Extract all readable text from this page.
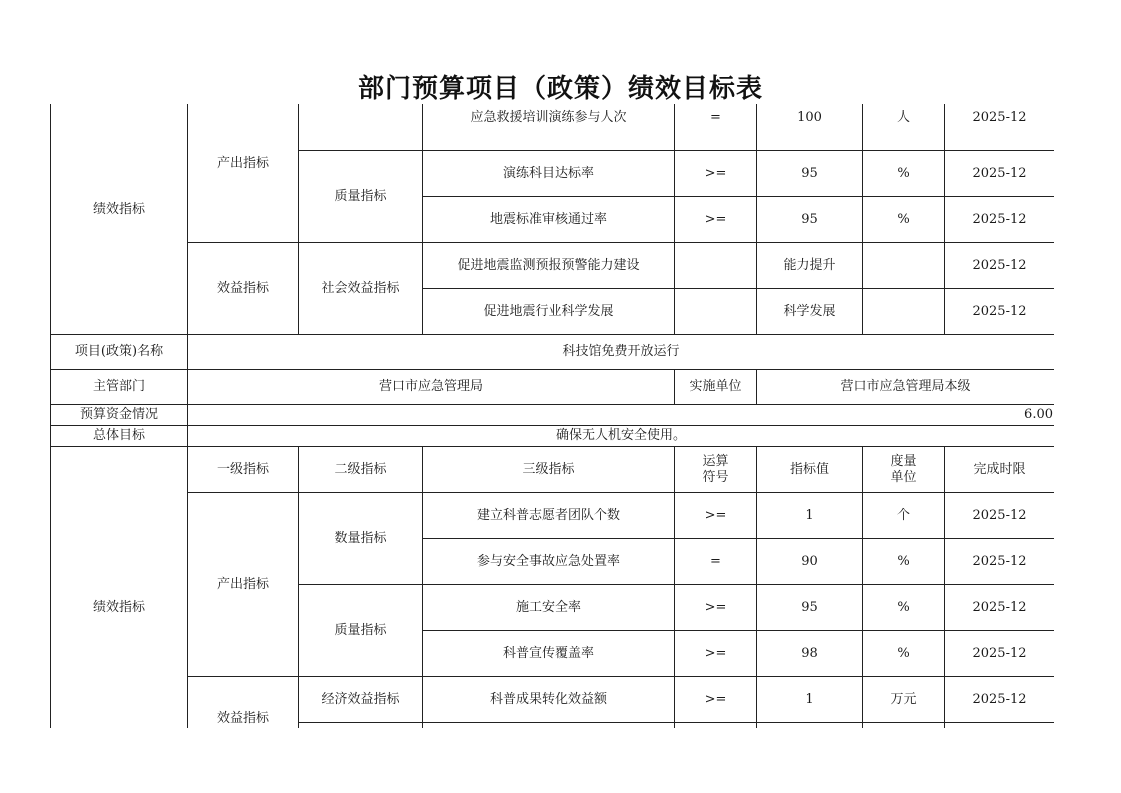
部门预算项目（政策）绩效目标表
绩效指标	产出指标		应急救援培训演练参与人次	=	100	人	2025-12
		质量指标	演练科目达标率	>=	95	%	2025-12
			地震标准审核通过率	>=	95	%	2025-12
	效益指标	社会效益指标	促进地震监测预报预警能力建设		能力提升		2025-12
			促进地震行业科学发展		科学发展		2025-12
项目(政策)名称	科技馆免费开放运行						
主管部门	营口市应急管理局			实施单位	营口市应急管理局本级		
预算资金情况	6.00						
总体目标	确保无人机安全使用。						
绩效指标	一级指标	二级指标	三级指标	运算
符号	指标值	度量
单位	完成时限
	产出指标	数量指标	建立科普志愿者团队个数	>=	1	个	2025-12
			参与安全事故应急处置率	=	90	%	2025-12
		质量指标	施工安全率	>=	95	%	2025-12
			科普宣传覆盖率	>=	98	%	2025-12

	效益指标	经济效益指标	科普成果转化效益额	>=	1	万元	2025-12
